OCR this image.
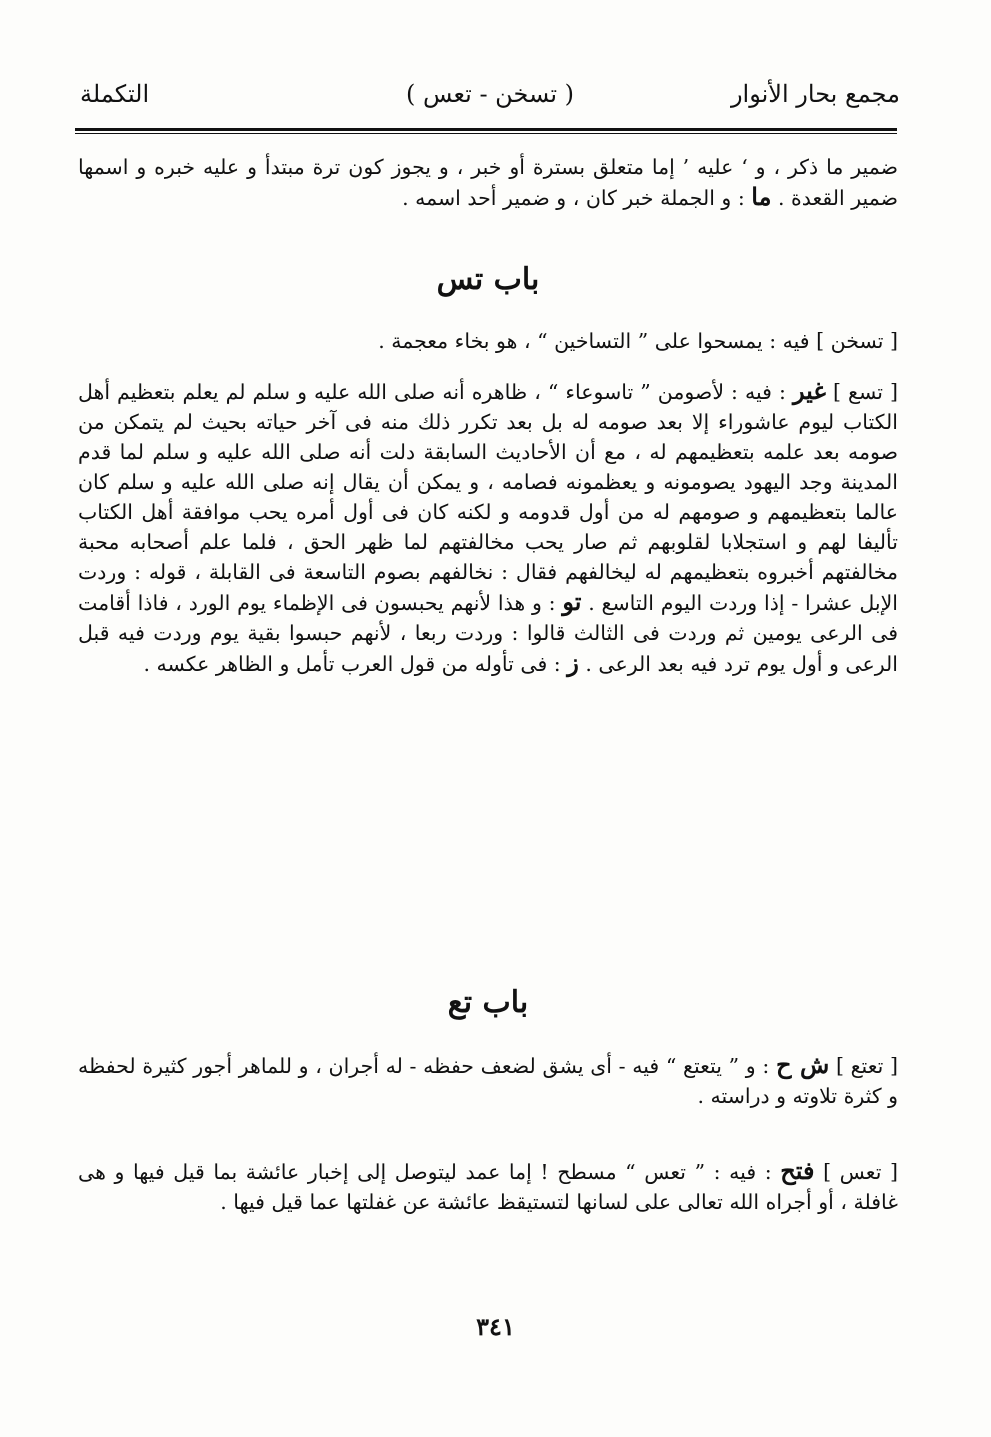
مجمع بحار الأنوار
( تسخن - تعس )
التكملة
ضمير ما ذكر ، و ‘ عليه ’ إما متعلق بسترة أو خبر ، و يجوز كون ترة مبتدأ و عليه خبره و اسمها ضمير القعدة . ما : و الجملة خبر كان ، و ضمير أحد اسمه .
باب تس
[ تسخن ] فيه : يمسحوا على ” التساخين “ ، هو بخاء معجمة .
[ تسع ] غير : فيه : لأصومن ” تاسوعاء “ ، ظاهره أنه صلى الله عليه و سلم لم يعلم بتعظيم أهل الكتاب ليوم عاشوراء إلا بعد صومه له بل بعد تكرر ذلك منه فى آخر حياته بحيث لم يتمكن من صومه بعد علمه بتعظيمهم له ، مع أن الأحاديث السابقة دلت أنه صلى الله عليه و سلم لما قدم المدينة وجد اليهود يصومونه و يعظمونه فصامه ، و يمكن أن يقال إنه صلى الله عليه و سلم كان عالما بتعظيمهم و صومهم له من أول قدومه و لكنه كان فى أول أمره يحب موافقة أهل الكتاب تأليفا لهم و استجلابا لقلوبهم ثم صار يحب مخالفتهم لما ظهر الحق ، فلما علم أصحابه محبة مخالفتهم أخبروه بتعظيمهم له ليخالفهم فقال : نخالفهم بصوم التاسعة فى القابلة ، قوله : وردت الإبل عشرا - إذا وردت اليوم التاسع . تو : و هذا لأنهم يحبسون فى الإظماء يوم الورد ، فاذا أقامت فى الرعى يومين ثم وردت فى الثالث قالوا : وردت ربعا ، لأنهم حبسوا بقية يوم وردت فيه قبل الرعى و أول يوم ترد فيه بعد الرعى . ز : فى تأوله من قول العرب تأمل و الظاهر عكسه .
باب تع
[ تعتع ] ش ح : و ” يتعتع “ فيه - أى يشق لضعف حفظه - له أجران ، و للماهر أجور كثيرة لحفظه و كثرة تلاوته و دراسته .
[ تعس ] فتح : فيه : ” تعس “ مسطح ! إما عمد ليتوصل إلى إخبار عائشة بما قيل فيها و هى غافلة ، أو أجراه الله تعالى على لسانها لتستيقظ عائشة عن غفلتها عما قيل فيها .
٣٤١
